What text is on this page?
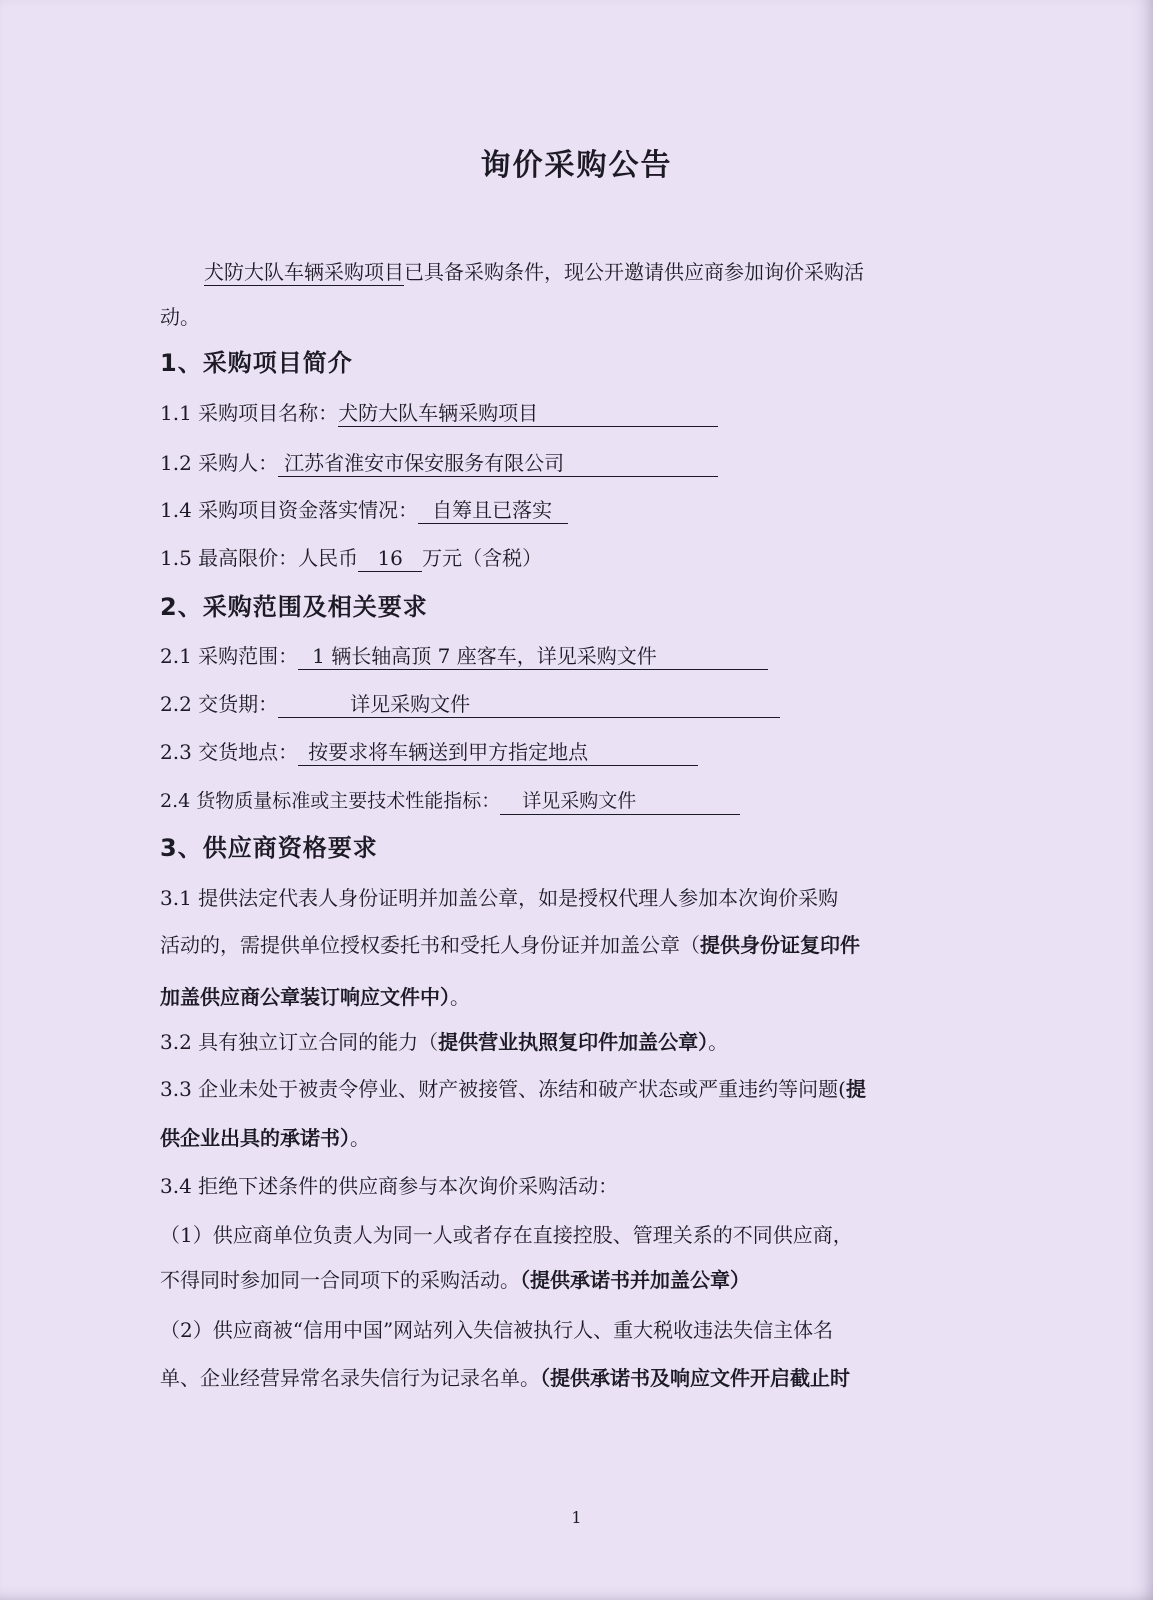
询价采购公告
犬防大队车辆采购项目已具备采购条件，现公开邀请供应商参加询价采购活
动。
1、采购项目简介
1.1 采购项目名称：犬防大队车辆采购项目
1.2 采购人： 江苏省淮安市保安服务有限公司
1.4 采购项目资金落实情况： 自筹且已落实
1.5 最高限价：人民币 16 万元（含税）
2、采购范围及相关要求
2.1 采购范围： 1 辆长轴高顶 7 座客车，详见采购文件
2.2 交货期：	详见采购文件
2.3 交货地点： 按要求将车辆送到甲方指定地点
2.4 货物质量标准或主要技术性能指标： 详见采购文件
3、供应商资格要求
3.1 提供法定代表人身份证明并加盖公章，如是授权代理人参加本次询价采购
活动的，需提供单位授权委托书和受托人身份证并加盖公章（提供身份证复印件
加盖供应商公章装订响应文件中）。
3.2 具有独立订立合同的能力（提供营业执照复印件加盖公章）。
3.3 企业未处于被责令停业、财产被接管、冻结和破产状态或严重违约等问题(提
供企业出具的承诺书）。
3.4 拒绝下述条件的供应商参与本次询价采购活动：
（1）供应商单位负责人为同一人或者存在直接控股、管理关系的不同供应商，
不得同时参加同一合同项下的采购活动。（提供承诺书并加盖公章）
（2）供应商被“信用中国”网站列入失信被执行人、重大税收违法失信主体名
单、企业经营异常名录失信行为记录名单。（提供承诺书及响应文件开启截止时
1
